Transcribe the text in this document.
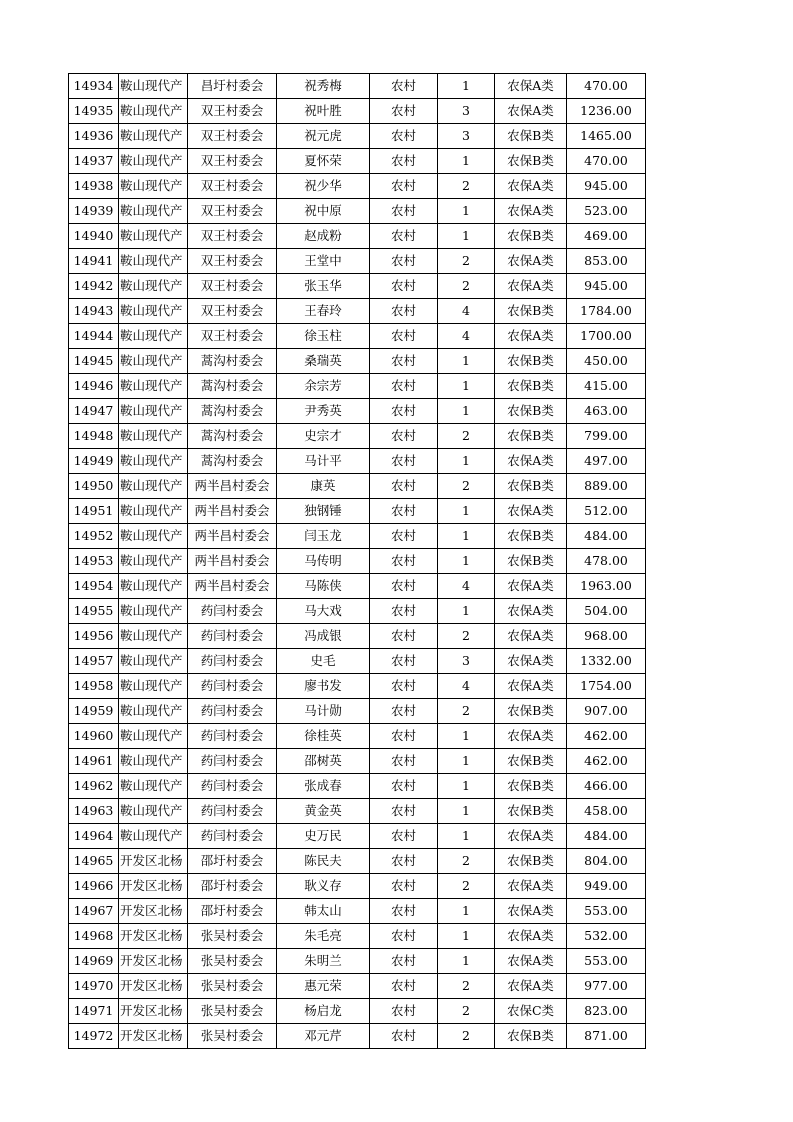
14934	鞍山现代产	昌圩村委会	祝秀梅	农村	1	农保A类	470.00
14935	鞍山现代产	双王村委会	祝叶胜	农村	3	农保A类	1236.00
14936	鞍山现代产	双王村委会	祝元虎	农村	3	农保B类	1465.00
14937	鞍山现代产	双王村委会	夏怀荣	农村	1	农保B类	470.00
14938	鞍山现代产	双王村委会	祝少华	农村	2	农保A类	945.00
14939	鞍山现代产	双王村委会	祝中原	农村	1	农保A类	523.00
14940	鞍山现代产	双王村委会	赵成粉	农村	1	农保B类	469.00
14941	鞍山现代产	双王村委会	王堂中	农村	2	农保A类	853.00
14942	鞍山现代产	双王村委会	张玉华	农村	2	农保A类	945.00
14943	鞍山现代产	双王村委会	王春玲	农村	4	农保B类	1784.00
14944	鞍山现代产	双王村委会	徐玉柱	农村	4	农保A类	1700.00
14945	鞍山现代产	蒿沟村委会	桑瑞英	农村	1	农保B类	450.00
14946	鞍山现代产	蒿沟村委会	余宗芳	农村	1	农保B类	415.00
14947	鞍山现代产	蒿沟村委会	尹秀英	农村	1	农保B类	463.00
14948	鞍山现代产	蒿沟村委会	史宗才	农村	2	农保B类	799.00
14949	鞍山现代产	蒿沟村委会	马计平	农村	1	农保A类	497.00
14950	鞍山现代产	两半昌村委会	康英	农村	2	农保B类	889.00
14951	鞍山现代产	两半昌村委会	独钢锤	农村	1	农保A类	512.00
14952	鞍山现代产	两半昌村委会	闫玉龙	农村	1	农保B类	484.00
14953	鞍山现代产	两半昌村委会	马传明	农村	1	农保B类	478.00
14954	鞍山现代产	两半昌村委会	马陈侠	农村	4	农保A类	1963.00
14955	鞍山现代产	药闫村委会	马大戏	农村	1	农保A类	504.00
14956	鞍山现代产	药闫村委会	冯成银	农村	2	农保A类	968.00
14957	鞍山现代产	药闫村委会	史毛	农村	3	农保A类	1332.00
14958	鞍山现代产	药闫村委会	廖书发	农村	4	农保A类	1754.00
14959	鞍山现代产	药闫村委会	马计勋	农村	2	农保B类	907.00
14960	鞍山现代产	药闫村委会	徐桂英	农村	1	农保A类	462.00
14961	鞍山现代产	药闫村委会	邵树英	农村	1	农保B类	462.00
14962	鞍山现代产	药闫村委会	张成春	农村	1	农保B类	466.00
14963	鞍山现代产	药闫村委会	黄金英	农村	1	农保B类	458.00
14964	鞍山现代产	药闫村委会	史万民	农村	1	农保A类	484.00
14965	开发区北杨	邵圩村委会	陈民夫	农村	2	农保B类	804.00
14966	开发区北杨	邵圩村委会	耿义存	农村	2	农保A类	949.00
14967	开发区北杨	邵圩村委会	韩太山	农村	1	农保A类	553.00
14968	开发区北杨	张吴村委会	朱毛亮	农村	1	农保A类	532.00
14969	开发区北杨	张吴村委会	朱明兰	农村	1	农保A类	553.00
14970	开发区北杨	张吴村委会	惠元荣	农村	2	农保A类	977.00
14971	开发区北杨	张吴村委会	杨启龙	农村	2	农保C类	823.00
14972	开发区北杨	张吴村委会	邓元芹	农村	2	农保B类	871.00
